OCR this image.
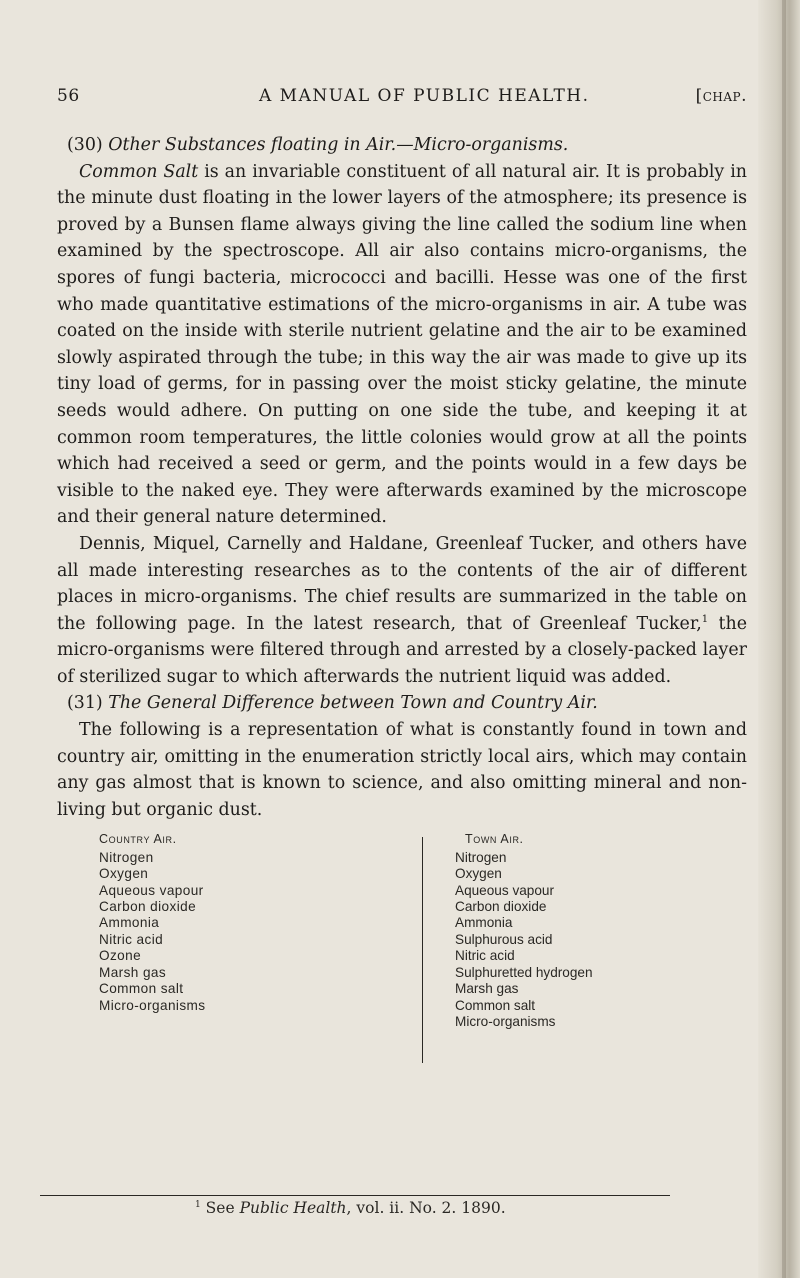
56	A MANUAL OF PUBLIC HEALTH.	[chap.

(30) Other Substances floating in Air.—Micro-organisms.

Common Salt is an invariable constituent of all natural air. It is probably in the minute dust floating in the lower layers of the atmosphere; its presence is proved by a Bunsen flame always giving the line called the sodium line when examined by the spectroscope. All air also contains micro-organisms, the spores of fungi bacteria, micrococci and bacilli. Hesse was one of the first who made quantitative estimations of the micro-organisms in air. A tube was coated on the inside with sterile nutrient gelatine and the air to be examined slowly aspirated through the tube; in this way the air was made to give up its tiny load of germs, for in passing over the moist sticky gelatine, the minute seeds would adhere. On putting on one side the tube, and keeping it at common room temperatures, the little colonies would grow at all the points which had received a seed or germ, and the points would in a few days be visible to the naked eye. They were afterwards examined by the microscope and their general nature determined.

Dennis, Miquel, Carnelly and Haldane, Greenleaf Tucker, and others have all made interesting researches as to the contents of the air of different places in micro-organisms. The chief results are summarized in the table on the following page. In the latest research, that of Greenleaf Tucker,$^1$ the micro-organisms were filtered through and arrested by a closely-packed layer of sterilized sugar to which afterwards the nutrient liquid was added.

(31) The General Difference between Town and Country Air.

The following is a representation of what is constantly found in town and country air, omitting in the enumeration strictly local airs, which may contain any gas almost that is known to science, and also omitting mineral and non-living but organic dust.

Country Air.
Nitrogen
Oxygen
Aqueous vapour
Carbon dioxide
Ammonia
Nitric acid
Ozone
Marsh gas
Common salt
Micro-organisms
Town Air.
Nitrogen
Oxygen
Aqueous vapour
Carbon dioxide
Ammonia
Sulphurous acid
Nitric acid
Sulphuretted hydrogen
Marsh gas
Common salt
Micro-organisms
$^1$ See Public Health, vol. ii. No. 2. 1890.
